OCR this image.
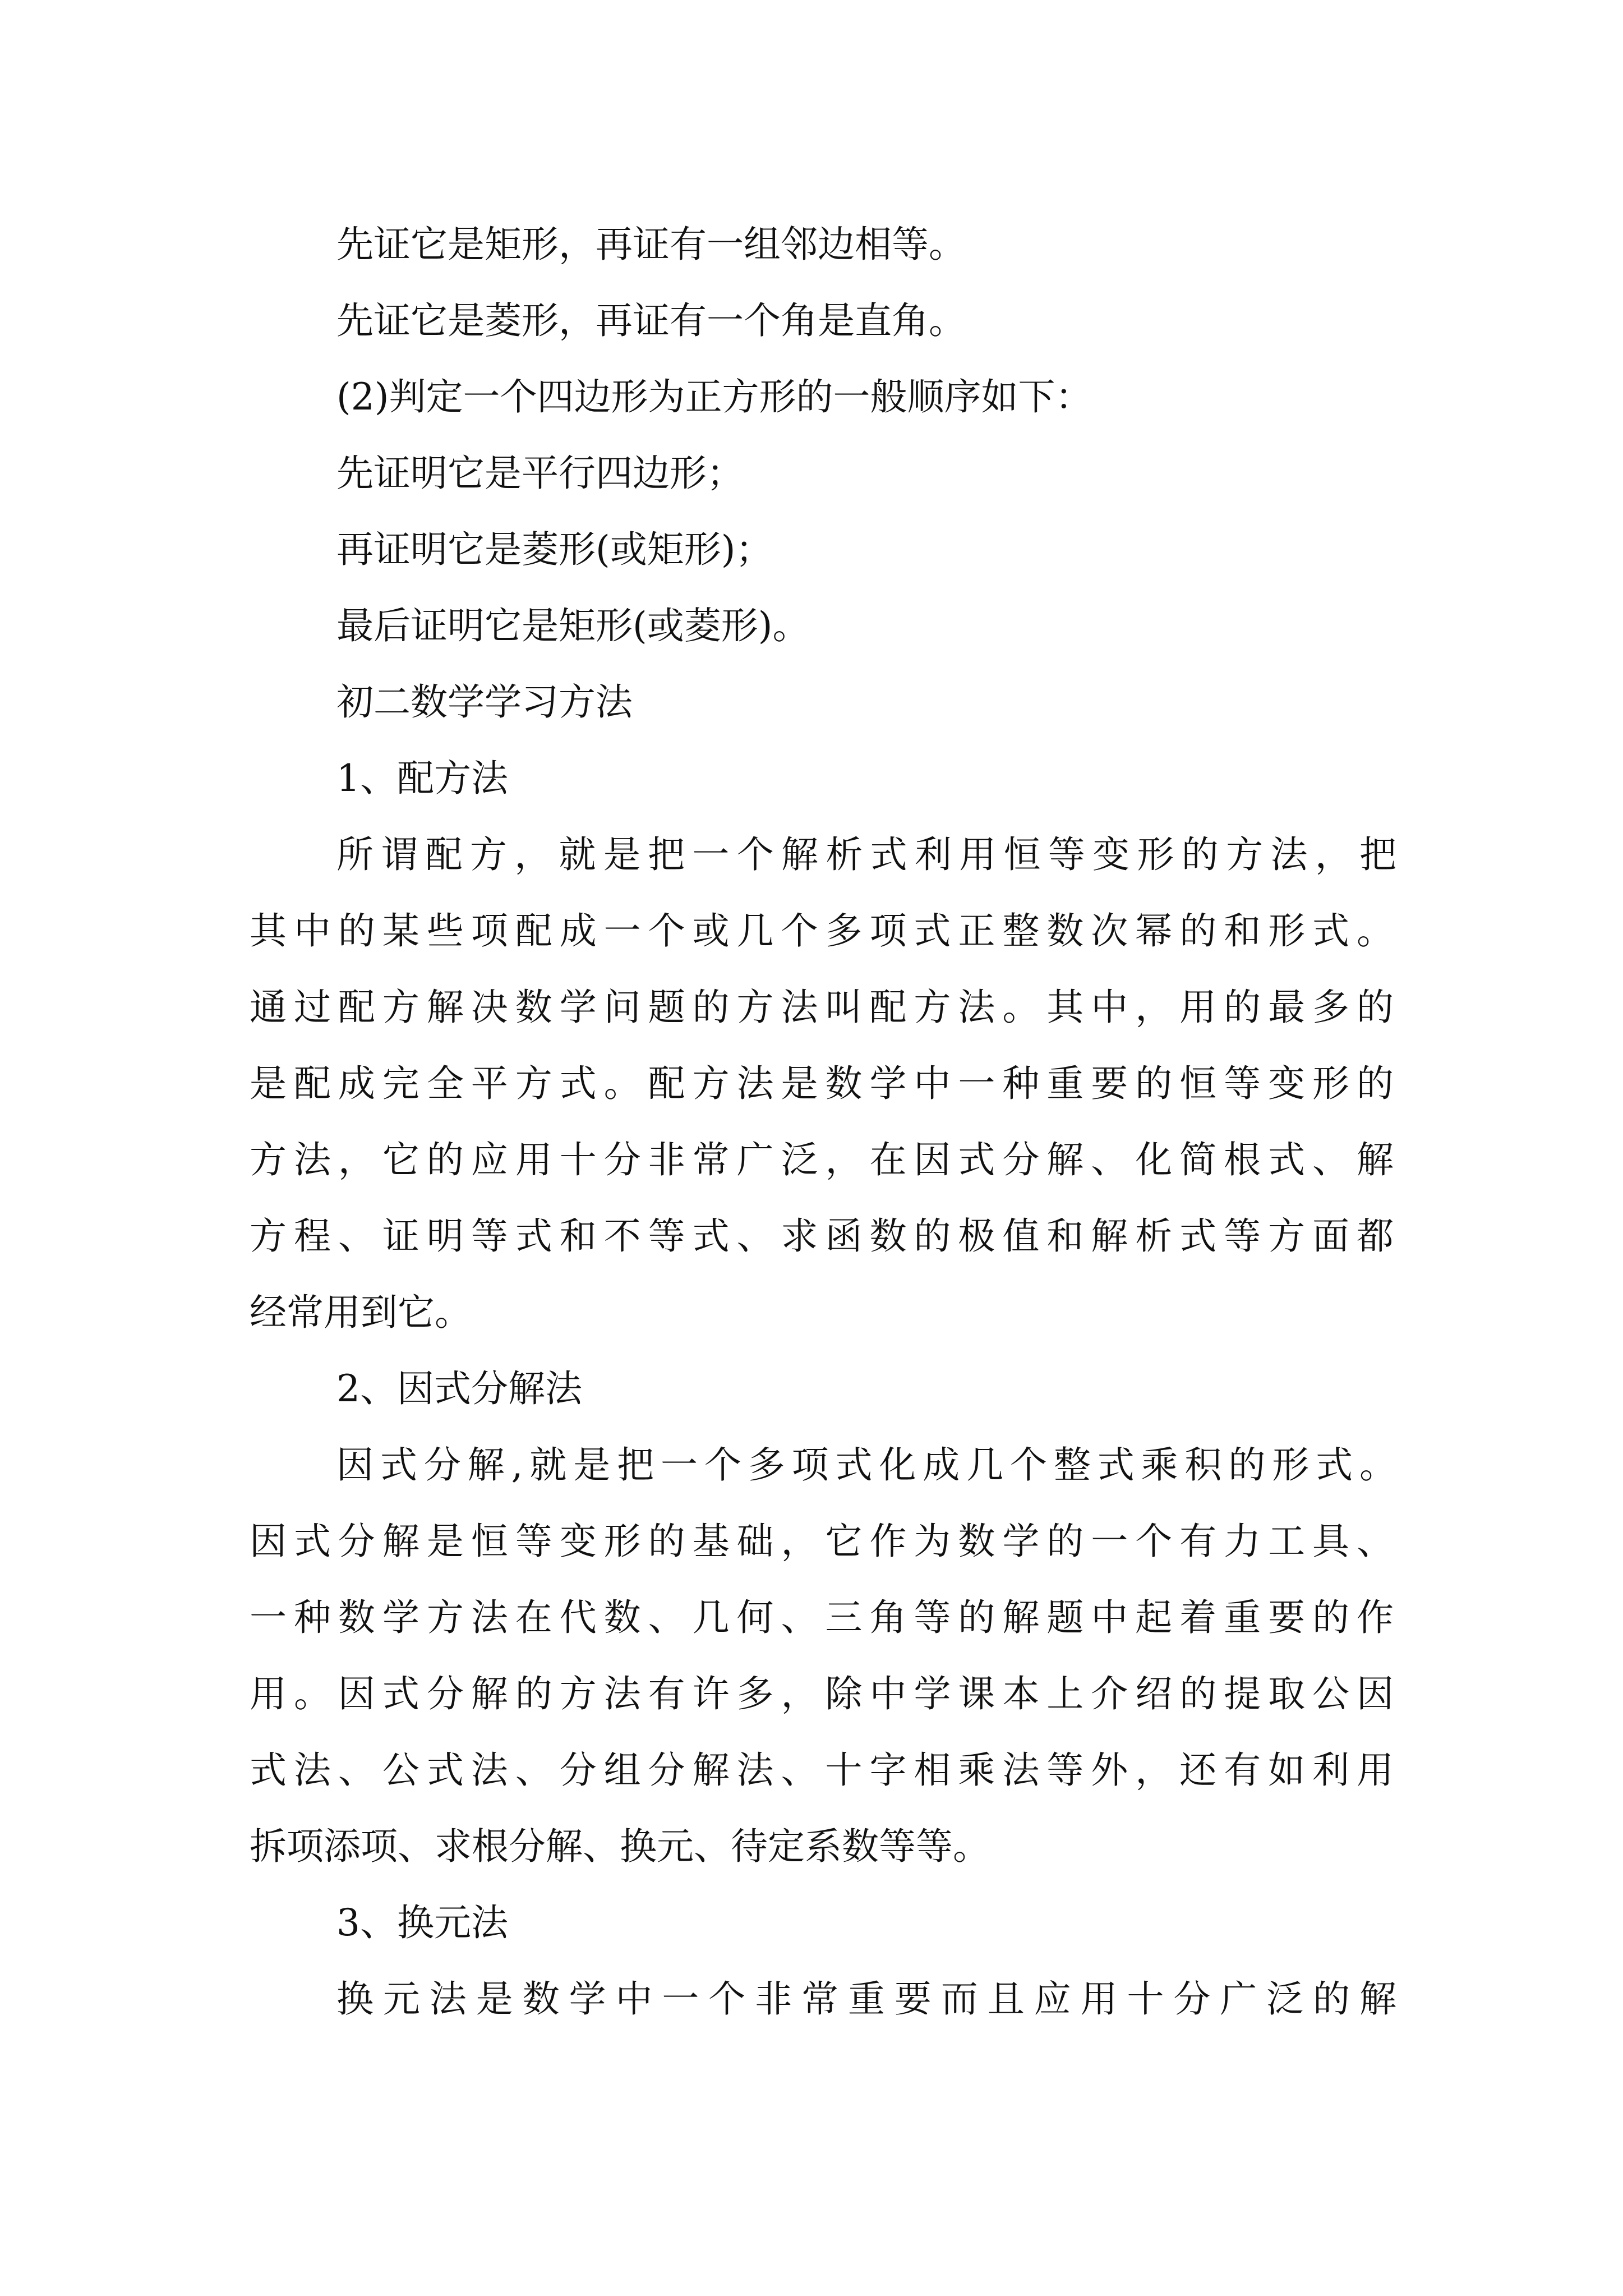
先证它是矩形，再证有一组邻边相等。
先证它是菱形，再证有一个角是直角。
(2)判定一个四边形为正方形的一般顺序如下：
先证明它是平行四边形；
再证明它是菱形(或矩形)；
最后证明它是矩形(或菱形)。
初二数学学习方法
1、配方法
所谓配方，就是把一个解析式利用恒等变形的方法，把
其中的某些项配成一个或几个多项式正整数次幂的和形式。
通过配方解决数学问题的方法叫配方法。其中，用的最多的
是配成完全平方式。配方法是数学中一种重要的恒等变形的
方法，它的应用十分非常广泛，在因式分解、化简根式、解
方程、证明等式和不等式、求函数的极值和解析式等方面都
经常用到它。
2、因式分解法
因式分解,就是把一个多项式化成几个整式乘积的形式。
因式分解是恒等变形的基础，它作为数学的一个有力工具、
一种数学方法在代数、几何、三角等的解题中起着重要的作
用。因式分解的方法有许多，除中学课本上介绍的提取公因
式法、公式法、分组分解法、十字相乘法等外，还有如利用
拆项添项、求根分解、换元、待定系数等等。
3、换元法
换元法是数学中一个非常重要而且应用十分广泛的解
